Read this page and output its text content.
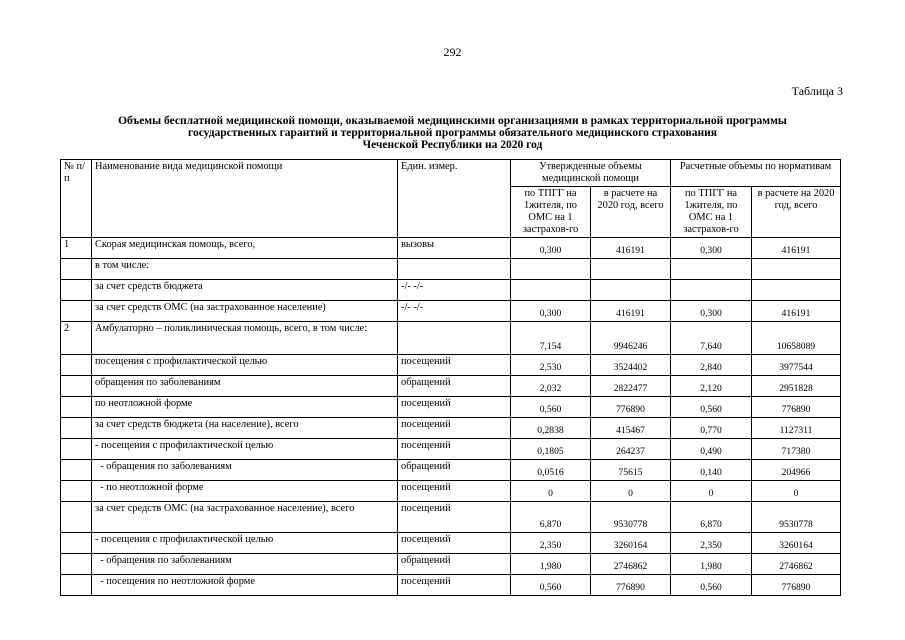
292
Таблица 3
Объемы бесплатной медицинской помощи, оказываемой медицинскими организациями в рамках территориальной программы
государственных гарантий и территориальной программы обязательного медицинского страхования
Чеченской Республики на 2020 год
№ п/п	Наименование вида медицинской помощи	Един. измер.	Утвержденные объемы медицинской помощи		Расчетные объемы по нормативам	
			по ТПГГ на 1жителя, по ОМС на 1 застрахов-го	в расчете на 2020 год, всего	по ТПГГ на 1жителя, по ОМС на 1 застрахов-го	в расчете на 2020 год, всего
1	Скорая медицинская помощь, всего,	вызовы	0,300	416191	0,300	416191
	в том числе:					
	за счет средств бюджета	-/- -/-				
	за счет средств ОМС (на застрахованное население)	-/- -/-	0,300	416191	0,300	416191
2	Амбулаторно – поликлиническая помощь, всего, в том числе:		7,154	9946246	7,640	10658089
	посещения с профилактической целью	посещений	2,530	3524402	2,840	3977544
	обращения по заболеваниям	обращений	2,032	2822477	2,120	2951828
	по неотложной форме	посещений	0,560	776890	0,560	776890
	за счет средств бюджета (на население), всего	посещений	0,2838	415467	0,770	1127311
	- посещения с профилактической целью	посещений	0,1805	264237	0,490	717380
	- обращения по заболеваниям	обращений	0,0516	75615	0,140	204966
	- по неотложной форме	посещений	0	0	0	0
	за счет средств ОМС (на застрахованное население), всего	посещений	6,870	9530778	6,870	9530778
	- посещения с профилактической целью	посещений	2,350	3260164	2,350	3260164
	- обращения по заболеваниям	обращений	1,980	2746862	1,980	2746862
	- посещения по неотложной форме	посещений	0,560	776890	0,560	776890
